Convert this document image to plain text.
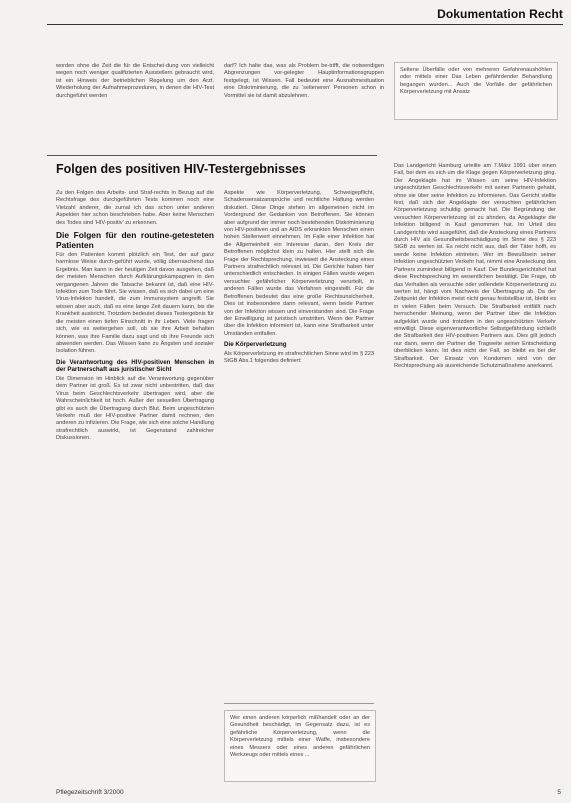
Dokumentation Recht
worden ohne die Zeit die für die Entschei-dung von vielleicht wegen noch weniger qualifizierten Ausstellern gebraucht wird, ist ein Hinweis der betrieblichen Regelung um den Arzt. Wiederholung der Aufnahmeprozeduren, in denen die HIV-Test durchgeführt werden
darf? Ich halte das, was als Problem be-trifft, die notwendigen Abgrenzungen vor-gelegter Hauptinformationsgruppen festgelegt, ist Wissen. Fall bedeutet eine Ausnahmesituation eine Diskriminierung, die zu 'selteneren' Personen schon in Vormittel sie ist damit abzulehnen.
Seltene Überfälle oder von mehreren Gefahrenaushöhlen oder mittels einer Das Leben gefährdender Behandlung begangen wurden... Auch die Vorfälle der gefährlichen Körperverletzung mit Ansatz
Folgen des positiven HIV-Testergebnisses

Zu den Folgen des Arbeits- und Straf-rechts in Bezug auf die Rechtsfrage des durchgeführten Tests kommen noch eine Vielzahl anderer, die zumal ich das schon unter anderen Aspekten hier schon beschrieben habe. Aber keine Menschen des Todes sind 'HIV-positiv' zu erkennen.

Die Folgen für den routine-getesteten Patienten

Für den Patienten kommt plötzlich ein Test, der auf ganz harmlose Weise durch-geführt wurde, völlig überraschend das Ergebnis. Man kann in der heutigen Zeit davon ausgehen, daß der meisten Menschen durch Aufklärungskampagnen in den vergangenen Jahren die Tatsache bekannt ist, daß eine HIV-Infektion zum Tode führt. Sie wissen, daß es sich dabei um eine Virus-Infektion handelt, die zum Immunsystem angreift. Sie wissen aber auch, daß es eine lange Zeit dauern kann, bis die Krankheit ausbricht. Trotzdem bedeutet dieses Testergebnis für die meisten einen tiefen Einschnitt in ihr Leben. Viele fragen sich, wie es weitergehen soll, ob sie ihre Arbeit behalten können, was ihre Familie dazu sagt und ob ihre Freunde sich abwenden werden. Das Wissen kann zu Ängsten und sozialer Isolation führen.

Die Verantwortung des HIV-positiven Menschen in der Partnerschaft aus juristischer Sicht

Die Dimension im Hinblick auf die Verantwortung gegenüber dem Partner ist groß. Es ist zwar nicht unbestritten, daß das Virus beim Geschlechtsverkehr übertragen wird, aber die Wahrscheinlichkeit ist hoch. Außer der sexuellen Übertragung gibt es auch die Übertragung durch Blut. Beim ungeschützten Verkehr muß der HIV-positive Partner damit rechnen, den anderen zu infizieren. Die Frage, wie sich eine solche Handlung strafrechtlich auswirkt, ist Gegenstand zahlreicher Diskussionen.

Aspekte wie Körperverletzung, Schweigepflicht, Schadensersatzansprüche und rechtliche Haftung werden diskutiert. Diese Dinge stehen im allgemeinen nicht im Vordergrund der Gedanken von Betroffenen. Sie können aber aufgrund der immer noch bestehenden Diskriminierung von HIV-positiven und an AIDS erkrankten Menschen einen hohen Stellenwert einnehmen. Im Falle einer Infektion hat die Allgemeinheit ein Interesse daran, den Kreis der Betroffenen möglichst klein zu halten. Hier stellt sich die Frage der Rechtsprechung, inwieweit die Ansteckung eines Partners strafrechtlich relevant ist. Die Gerichte haben hier unterschiedlich entschieden. In einigen Fällen wurde wegen versuchter gefährlicher Körperverletzung verurteilt, in anderen Fällen wurde das Verfahren eingestellt. Für die Betroffenen bedeutet das eine große Rechtsunsicherheit. Dies ist insbesondere dann relevant, wenn beide Partner von der Infektion wissen und einverstanden sind. Die Frage der Einwilligung ist juristisch umstritten. Wenn der Partner über die Infektion informiert ist, kann eine Strafbarkeit unter Umständen entfallen.

Die Körperverletzung

Als Körperverletzung im strafrechtlichen Sinne wird im § 223 StGB Abs.1 folgendes definiert:

Wer einen anderen körperlich mißhandelt oder an der Gesundheit beschädigt, im Gegensatz dazu, ist es gefährliche Körperverletzung, wenn die Körperverletzung mittels einer Waffe, insbesondere eines Messers oder eines anderen gefährlichen Werkzeugs oder mittels eines ...
Das Landgericht Hamburg urteilte am 7.März 1991 über einen Fall, bei dem es sich um die Klage gegen Körperverletzung ging. Der Angeklagte hat im Wissen um seine HIV-Infektion ungeschützten Geschlechtsverkehr mit seiner Partnerin gehabt, ohne sie über seine Infektion zu informieren. Das Gericht stellte fest, daß sich der Angeklagte der versuchten gefährlichen Körperverletzung schuldig gemacht hat. Die Begründung der versuchten Körperverletzung ist zu ahnden, da Angeklagte die Infektion billigend in Kauf genommen hat. Im Urteil des Landgerichts wird ausgeführt, daß die Ansteckung eines Partners durch HIV als Gesundheitsbeschädigung im Sinne des § 223 StGB zu werten ist. Es reicht nicht aus, daß der Täter hofft, es werde keine Infektion eintreten. Wer im Bewußtsein seiner Infektion ungeschützten Verkehr hat, nimmt eine Ansteckung des Partners zumindest billigend in Kauf. Der Bundesgerichtshof hat diese Rechtsprechung im wesentlichen bestätigt. Die Frage, ob das Verhalten als versuchte oder vollendete Körperverletzung zu werten ist, hängt vom Nachweis der Übertragung ab. Da der Zeitpunkt der Infektion meist nicht genau feststellbar ist, bleibt es in vielen Fällen beim Versuch. Die Strafbarkeit entfällt nach herrschender Meinung, wenn der Partner über die Infektion aufgeklärt wurde und trotzdem in den ungeschützten Verkehr einwilligt. Diese eigenverantwortliche Selbstgefährdung schließt die Strafbarkeit des HIV-positiven Partners aus. Dies gilt jedoch nur dann, wenn der Partner die Tragweite seiner Entscheidung überblicken kann. Ist dies nicht der Fall, so bleibt es bei der Strafbarkeit. Der Einsatz von Kondomen wird von der Rechtsprechung als ausreichende Schutzmaßnahme anerkannt.
Pflegezeitschrift 3/2000	5
